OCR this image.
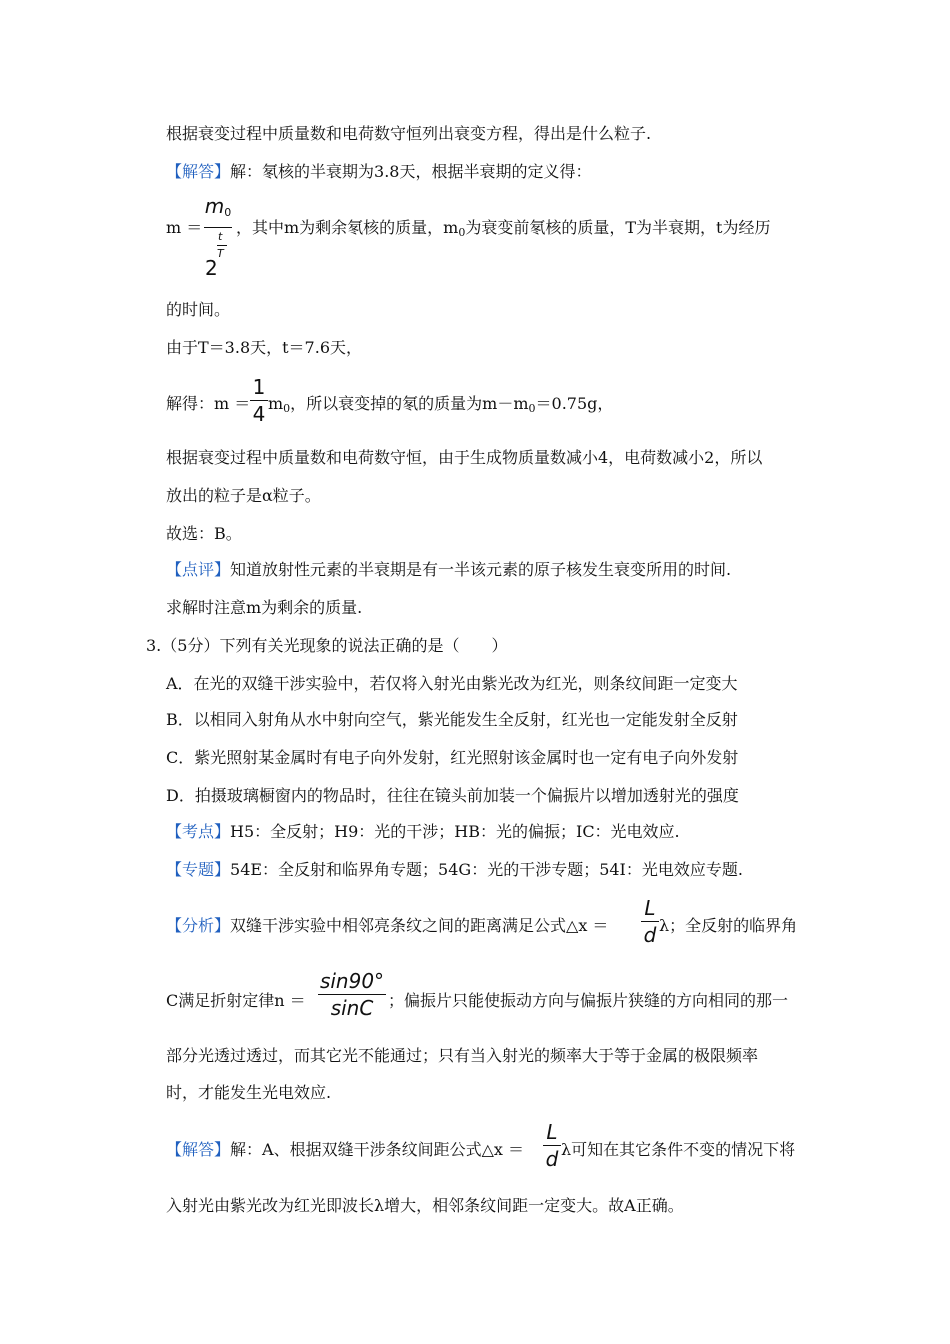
根据衰变过程中质量数和电荷数守恒列出衰变方程，得出是什么粒子.
【解答】解：氡核的半衰期为3.8天，根据半衰期的定义得：
m ＝
$m_0$
t
T
2
，其中m为剩余氡核的质量，$m_0$为衰变前氡核的质量，T为半衰期，t为经历
的时间。
由于T＝3.8天，t＝7.6天，
解得：m ＝
1
4 $m_0$，所以衰变掉的氡的质量为$m-m_0=0.75g$，
根据衰变过程中质量数和电荷数守恒，由于生成物质量数减小4，电荷数减小2，所以
放出的粒子是α粒子。
故选：B。
【点评】知道放射性元素的半衰期是有一半该元素的原子核发生衰变所用的时间.
求解时注意m为剩余的质量.
3.（5分）下列有关光现象的说法正确的是（　　）
A．在光的双缝干涉实验中，若仅将入射光由紫光改为红光，则条纹间距一定变大
B．以相同入射角从水中射向空气，紫光能发生全反射，红光也一定能发射全反射
C．紫光照射某金属时有电子向外发射，红光照射该金属时也一定有电子向外发射
D．拍摄玻璃橱窗内的物品时，往往在镜头前加装一个偏振片以增加透射光的强度
【考点】H5：全反射；H9：光的干涉；HB：光的偏振；IC：光电效应.
【专题】54E：全反射和临界角专题；54G：光的干涉专题；54I：光电效应专题.
【分析】双缝干涉实验中相邻亮条纹之间的距离满足公式△x ＝
L
d λ；全反射的临界角
C满足折射定律n ＝
sin90°
sinC ；偏振片只能使振动方向与偏振片狭缝的方向相同的那一
部分光透过透过，而其它光不能通过；只有当入射光的频率大于等于金属的极限频率
时，才能发生光电效应.
【解答】解：A、根据双缝干涉条纹间距公式△x ＝
L
d λ可知在其它条件不变的情况下将
入射光由紫光改为红光即波长λ增大，相邻条纹间距一定变大。故A正确。
